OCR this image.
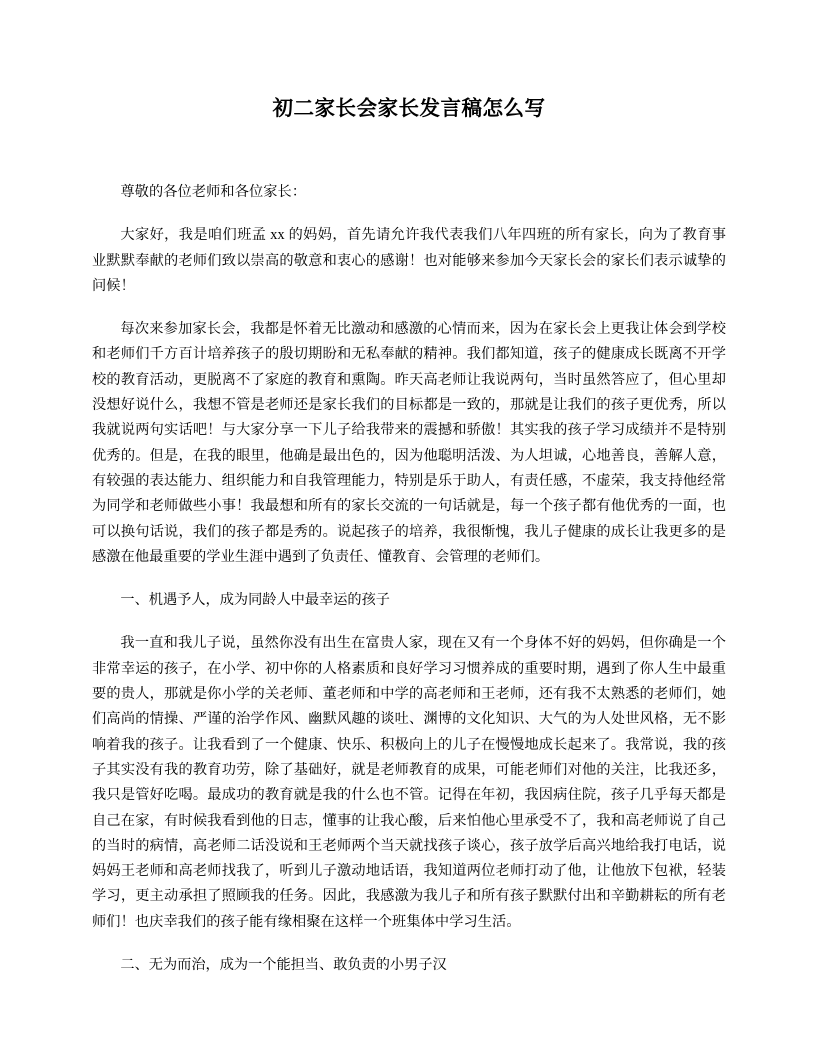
初二家长会家长发言稿怎么写

尊敬的各位老师和各位家长：

大家好，我是咱们班孟 xx 的妈妈，首先请允许我代表我们八年四班的所有家长，向为了教育事业默默奉献的老师们致以崇高的敬意和衷心的感谢！也对能够来参加今天家长会的家长们表示诚挚的问候！

每次来参加家长会，我都是怀着无比激动和感激的心情而来，因为在家长会上更我让体会到学校和老师们千方百计培养孩子的殷切期盼和无私奉献的精神。我们都知道，孩子的健康成长既离不开学校的教育活动，更脱离不了家庭的教育和熏陶。昨天高老师让我说两句，当时虽然答应了，但心里却没想好说什么，我想不管是老师还是家长我们的目标都是一致的，那就是让我们的孩子更优秀，所以我就说两句实话吧！与大家分享一下儿子给我带来的震撼和骄傲！其实我的孩子学习成绩并不是特别优秀的。但是，在我的眼里，他确是最出色的，因为他聪明活泼、为人坦诚，心地善良，善解人意，有较强的表达能力、组织能力和自我管理能力，特别是乐于助人，有责任感，不虚荣，我支持他经常为同学和老师做些小事！我最想和所有的家长交流的一句话就是，每一个孩子都有他优秀的一面，也可以换句话说，我们的孩子都是秀的。说起孩子的培养，我很惭愧，我儿子健康的成长让我更多的是感激在他最重要的学业生涯中遇到了负责任、懂教育、会管理的老师们。

一、机遇予人，成为同龄人中最幸运的孩子

我一直和我儿子说，虽然你没有出生在富贵人家，现在又有一个身体不好的妈妈，但你确是一个非常幸运的孩子，在小学、初中你的人格素质和良好学习习惯养成的重要时期，遇到了你人生中最重要的贵人，那就是你小学的关老师、董老师和中学的高老师和王老师，还有我不太熟悉的老师们，她们高尚的情操、严谨的治学作风、幽默风趣的谈吐、渊博的文化知识、大气的为人处世风格，无不影响着我的孩子。让我看到了一个健康、快乐、积极向上的儿子在慢慢地成长起来了。我常说，我的孩子其实没有我的教育功劳，除了基础好，就是老师教育的成果，可能老师们对他的关注，比我还多，我只是管好吃喝。最成功的教育就是我的什么也不管。记得在年初，我因病住院，孩子几乎每天都是自己在家，有时候我看到他的日志，懂事的让我心酸，后来怕他心里承受不了，我和高老师说了自己的当时的病情，高老师二话没说和王老师两个当天就找孩子谈心，孩子放学后高兴地给我打电话，说妈妈王老师和高老师找我了，听到儿子激动地话语，我知道两位老师打动了他，让他放下包袱，轻装学习，更主动承担了照顾我的任务。因此，我感激为我儿子和所有孩子默默付出和辛勤耕耘的所有老师们！也庆幸我们的孩子能有缘相聚在这样一个班集体中学习生活。

二、无为而治，成为一个能担当、敢负责的小男子汉
